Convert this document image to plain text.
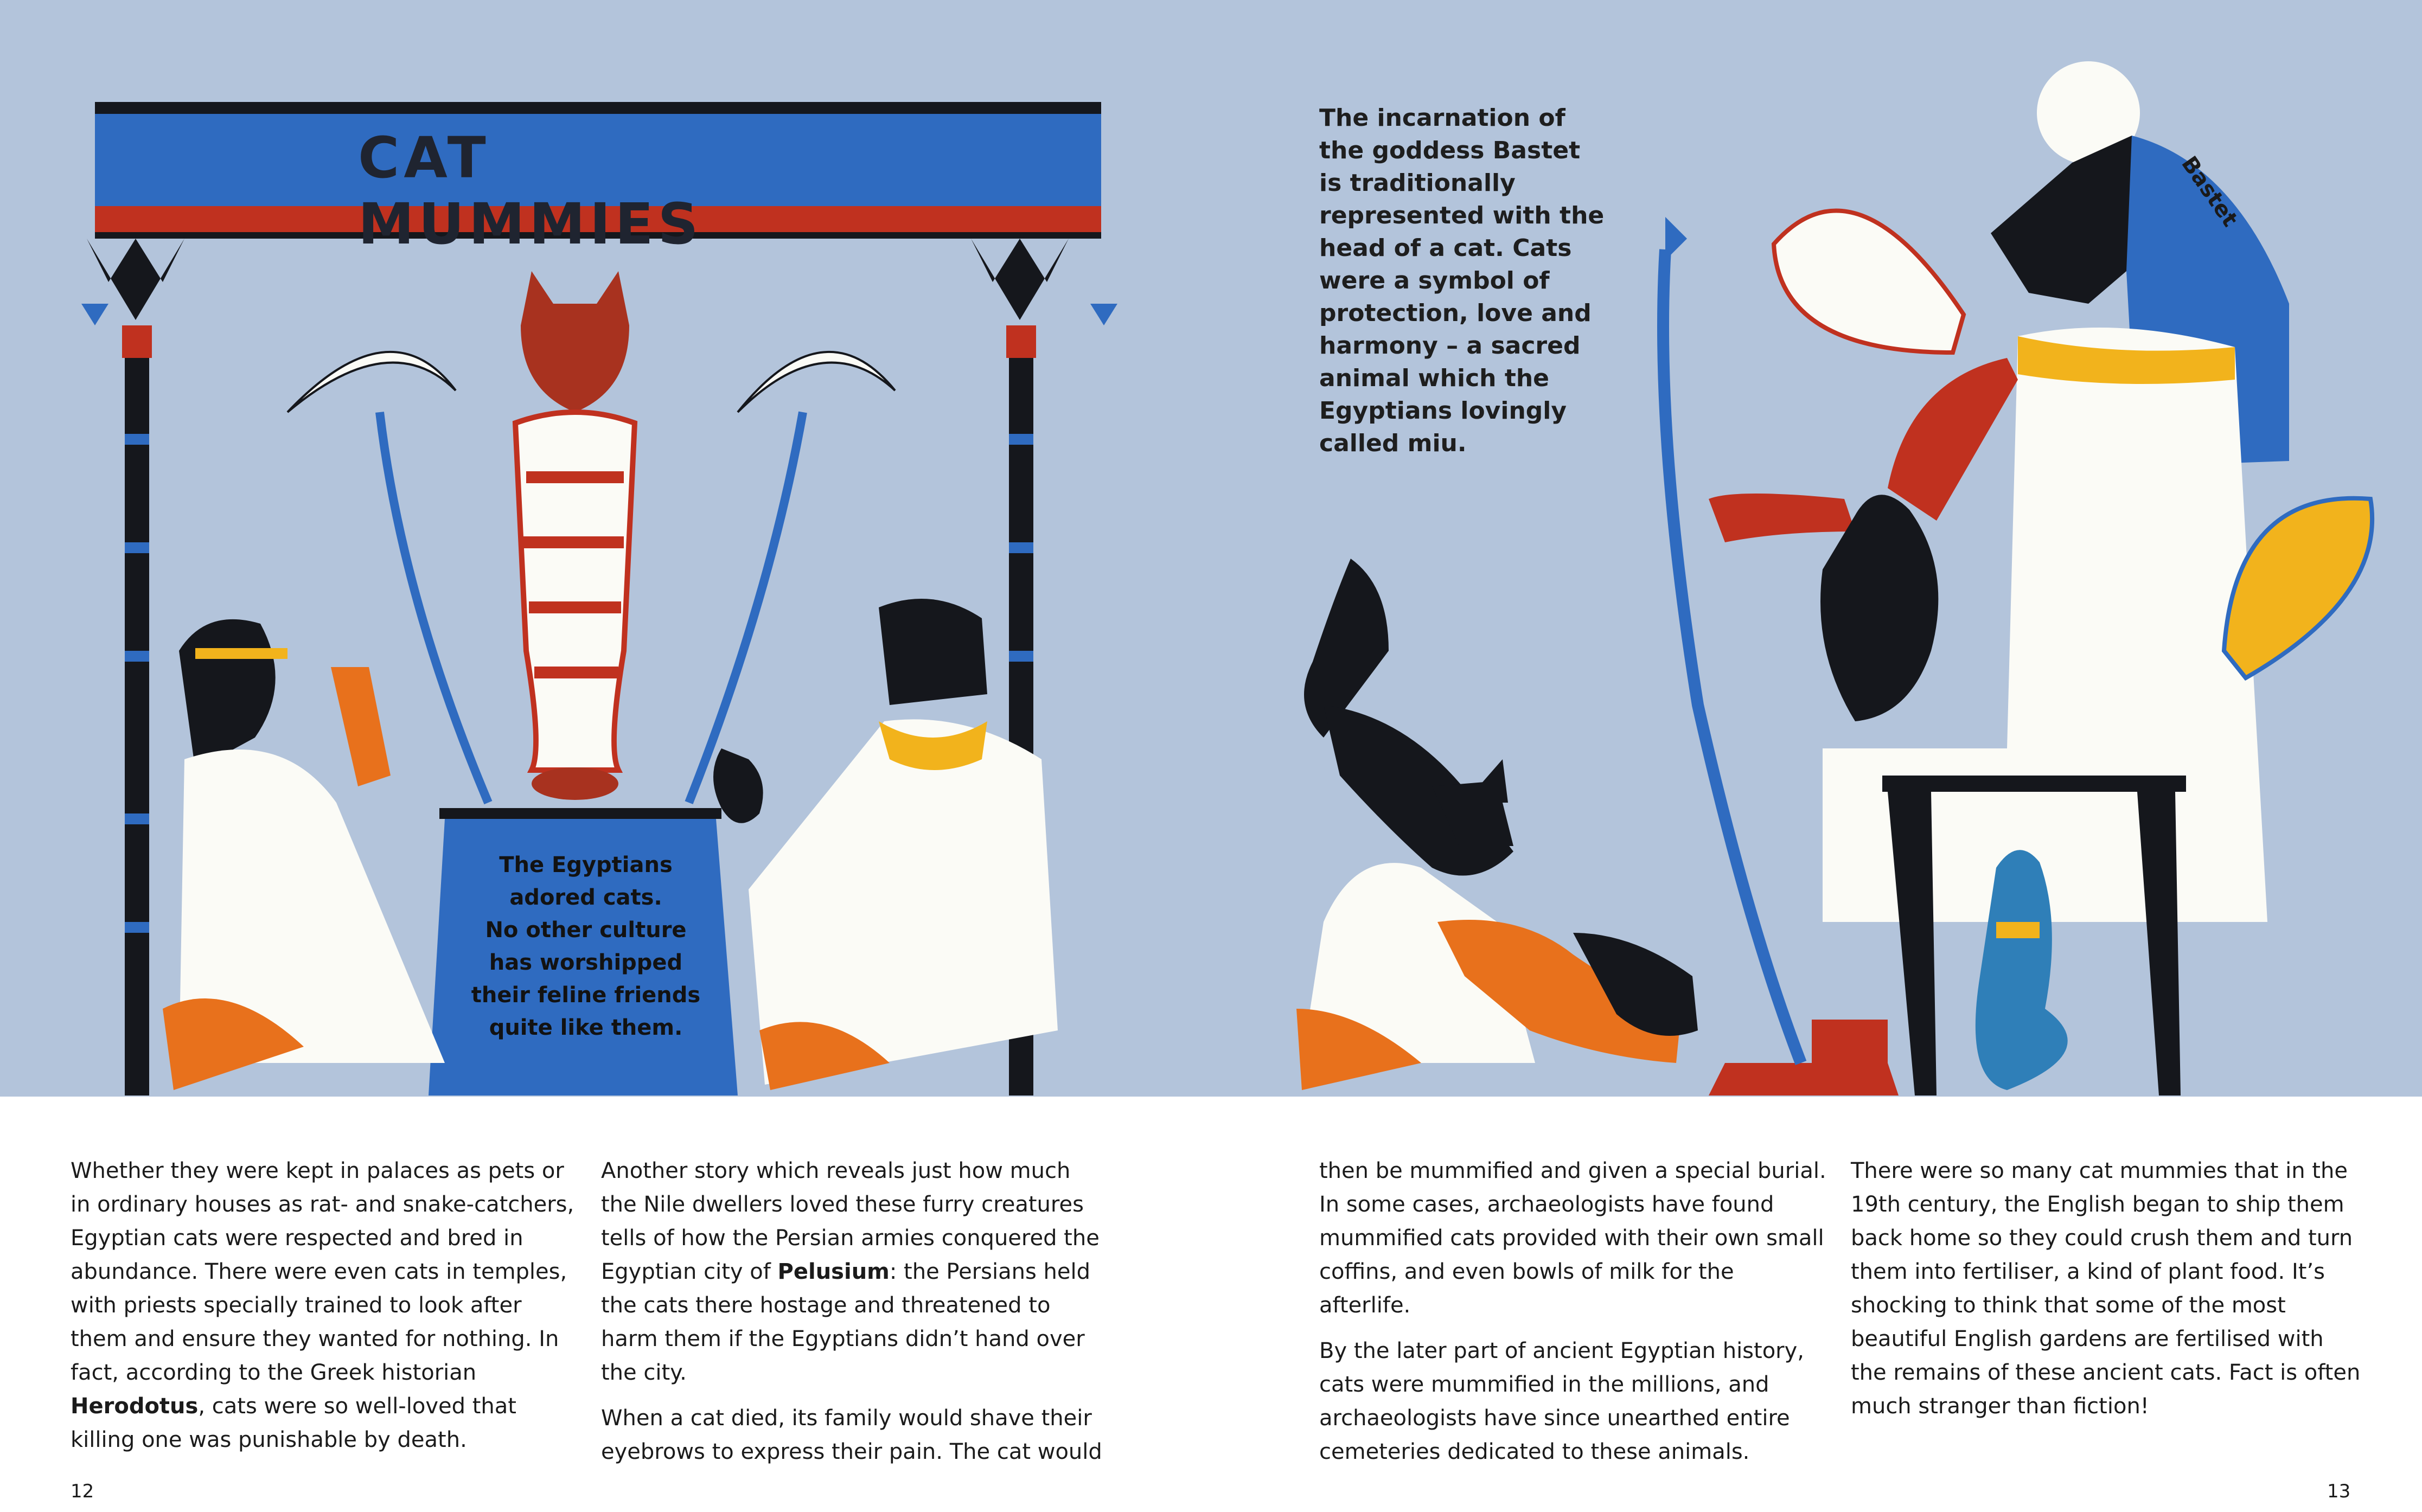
CAT MUMMIES
The Egyptians
adored cats.
No other culture
has worshipped
their feline friends
quite like them.
The incarnation of
the goddess Bastet
is traditionally
represented with the
head of a cat. Cats
were a symbol of
protection, love and
harmony – a sacred
animal which the
Egyptians lovingly
called miu.
Bastet

Whether they were kept in palaces as pets or in ordinary houses as rat- and snake-catchers, Egyptian cats were respected and bred in abundance. There were even cats in temples, with priests specially trained to look after them and ensure they wanted for nothing. In fact, according to the Greek historian Herodotus, cats were so well-loved that killing one was punishable by death.

Another story which reveals just how much the Nile dwellers loved these furry creatures tells of how the Persian armies conquered the Egyptian city of Pelusium: the Persians held the cats there hostage and threatened to harm them if the Egyptians didn’t hand over the city.

When a cat died, its family would shave their eyebrows to express their pain. The cat would

then be mummified and given a special burial. In some cases, archaeologists have found mummified cats provided with their own small coffins, and even bowls of milk for the afterlife.

By the later part of ancient Egyptian history, cats were mummified in the millions, and archaeologists have since unearthed entire cemeteries dedicated to these animals.

There were so many cat mummies that in the 19th century, the English began to ship them back home so they could crush them and turn them into fertiliser, a kind of plant food. It’s shocking to think that some of the most beautiful English gardens are fertilised with the remains of these ancient cats. Fact is often much stranger than fiction!

12	13
